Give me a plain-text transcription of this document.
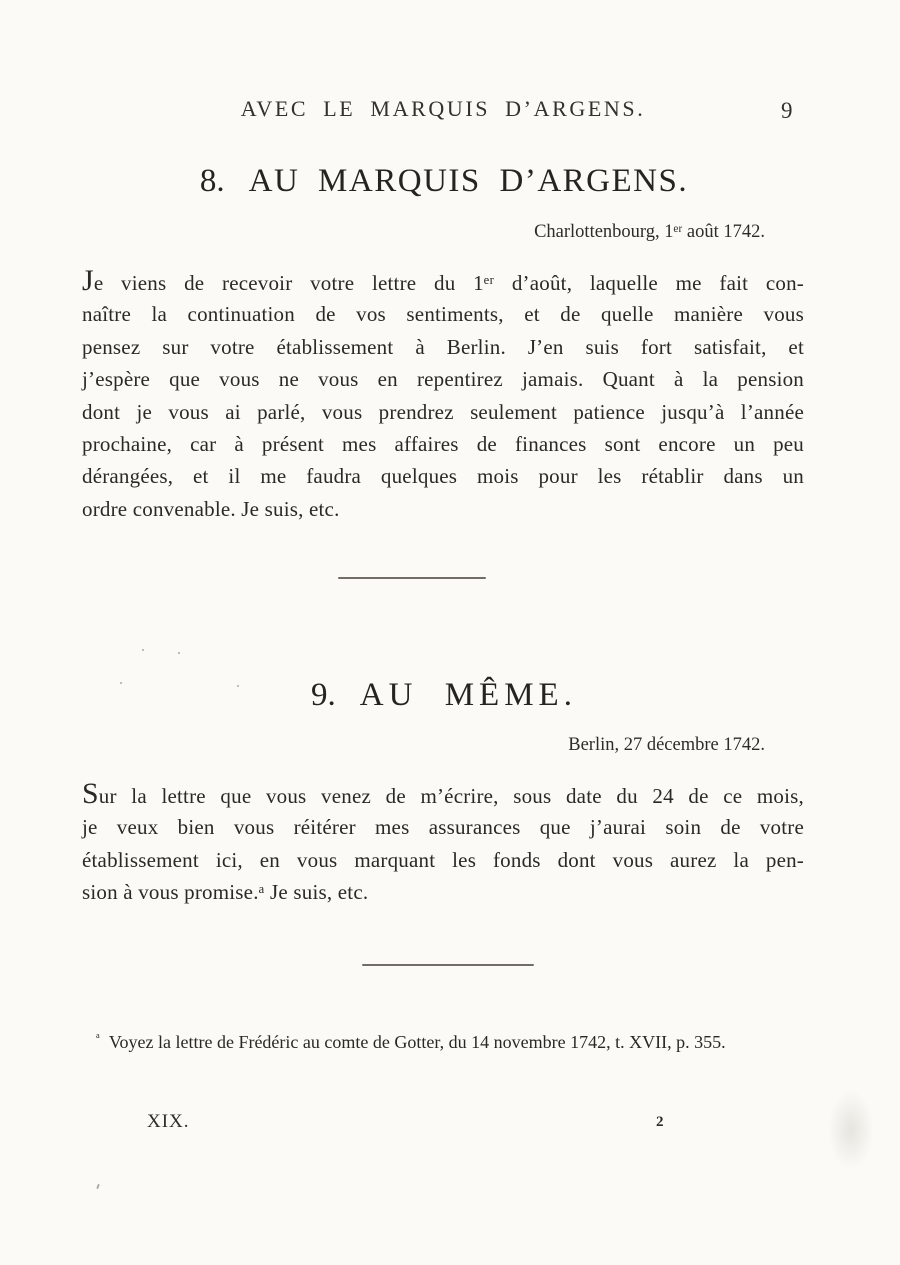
AVEC LE MARQUIS D’ARGENS.	9
8. AU MARQUIS D’ARGENS.

Charlottenbourg, 1ᵉʳ août 1742.

Je viens de recevoir votre lettre du 1ᵉʳ d’août, laquelle me fait con-
naître la continuation de vos sentiments, et de quelle manière vous
pensez sur votre établissement à Berlin. J’en suis fort satisfait, et
j’espère que vous ne vous en repentirez jamais. Quant à la pension
dont je vous ai parlé, vous prendrez seulement patience jusqu’à l’année
prochaine, car à présent mes affaires de finances sont encore un peu
dérangées, et il me faudra quelques mois pour les rétablir dans un
ordre convenable. Je suis, etc.
9. AU MÊME.

Berlin, 27 décembre 1742.

Sur la lettre que vous venez de m’écrire, sous date du 24 de ce mois,
je veux bien vous réitérer mes assurances que j’aurai soin de votre
établissement ici, en vous marquant les fonds dont vous aurez la pen-
sion à vous promise.ᵃ Je suis, etc.

$^ᵃ$ Voyez la lettre de Frédéric au comte de Gotter, du 14 novembre 1742, t. XVII, p. 355.

XIX.	2
